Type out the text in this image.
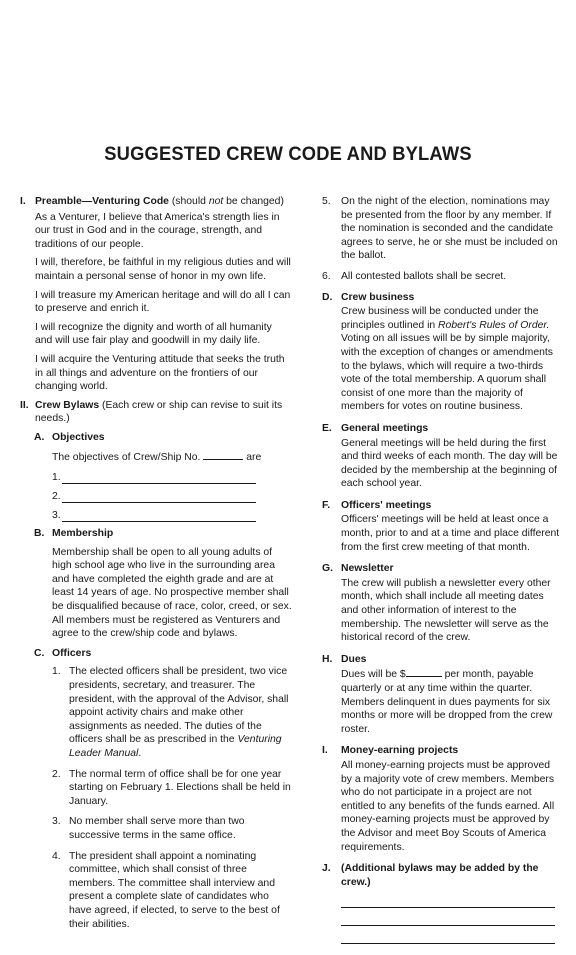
SUGGESTED CREW CODE AND BYLAWS
I. Preamble—Venturing Code (should not be changed)
As a Venturer, I believe that America's strength lies in our trust in God and in the courage, strength, and traditions of our people.
I will, therefore, be faithful in my religious duties and will maintain a personal sense of honor in my own life.
I will treasure my American heritage and will do all I can to preserve and enrich it.
I will recognize the dignity and worth of all humanity and will use fair play and goodwill in my daily life.
I will acquire the Venturing attitude that seeks the truth in all things and adventure on the frontiers of our changing world.
II. Crew Bylaws (Each crew or ship can revise to suit its needs.)
A. Objectives
The objectives of Crew/Ship No.	are
1.
2.
3.
B. Membership
Membership shall be open to all young adults of high school age who live in the surrounding area and have completed the eighth grade and are at least 14 years of age. No prospective member shall be disqualified because of race, color, creed, or sex. All members must be registered as Venturers and agree to the crew/ship code and bylaws.
C. Officers
1. The elected officers shall be president, two vice presidents, secretary, and treasurer. The president, with the approval of the Advisor, shall appoint activity chairs and make other assignments as needed. The duties of the officers shall be as prescribed in the Venturing Leader Manual.
2. The normal term of office shall be for one year starting on February 1. Elections shall be held in January.
3. No member shall serve more than two successive terms in the same office.
4. The president shall appoint a nominating committee, which shall consist of three members. The committee shall interview and present a complete slate of candidates who have agreed, if elected, to serve to the best of their abilities.
5. On the night of the election, nominations may be presented from the floor by any member. If the nomination is seconded and the candidate agrees to serve, he or she must be included on the ballot.
6. All contested ballots shall be secret.
D. Crew business
Crew business will be conducted under the principles outlined in Robert's Rules of Order. Voting on all issues will be by simple majority, with the exception of changes or amendments to the bylaws, which will require a two-thirds vote of the total membership. A quorum shall consist of one more than the majority of members for votes on routine business.
E. General meetings
General meetings will be held during the first and third weeks of each month. The day will be decided by the membership at the beginning of each school year.
F.	Officers' meetings
Officers' meetings will be held at least once a month, prior to and at a time and place different from the first crew meeting of that month.
G. Newsletter
The crew will publish a newsletter every other month, which shall include all meeting dates and other information of interest to the membership. The newsletter will serve as the historical record of the crew.
H. Dues
Dues will be $	per month, payable quarterly or at any time within the quarter. Members delinquent in dues payments for six months or more will be dropped from the crew roster.
I.	Money-earning projects
All money-earning projects must be approved by a majority vote of crew members. Members who do not participate in a project are not entitled to any benefits of the funds earned. All money-earning projects must be approved by the Advisor and meet Boy Scouts of America requirements.
J. (Additional bylaws may be added by the crew.)
